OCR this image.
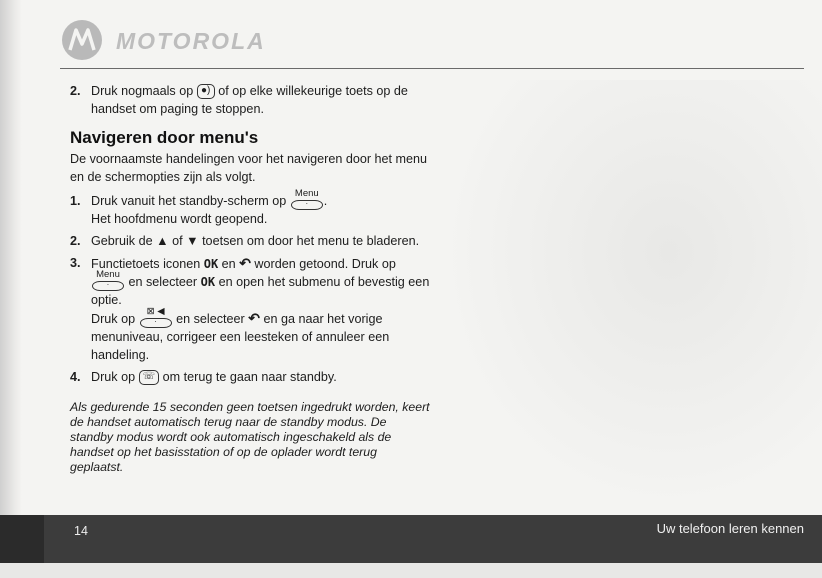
MOTOROLA
2. Druk nogmaals op ●) of op elke willekeurige toets op de handset om paging te stoppen.
Navigeren door menu's

De voornaamste handelingen voor het navigeren door het menu en de schermopties zijn als volgt.

1. Druk vanuit het standby-scherm op
Menu
·	.
Het hoofdmenu wordt geopend.
2. Gebruik de ▲ of ▼ toetsen om door het menu te bladeren.
3. Functietoets iconen OK en ↶ worden getoond. Druk op
Menu
·	en selecteer OK en open het submenu of bevestig een optie.
Druk op
⊠ ◀
·	en selecteer ↶ en ga naar het vorige menuniveau, corrigeer een leesteken of annuleer een handeling.
4. Druk op ☏ om terug te gaan naar standby.
Als gedurende 15 seconden geen toetsen ingedrukt worden, keert de handset automatisch terug naar de standby modus. De standby modus wordt ook automatisch ingeschakeld als de handset op het basisstation of op de oplader wordt terug geplaatst.
14	Uw telefoon leren kennen
